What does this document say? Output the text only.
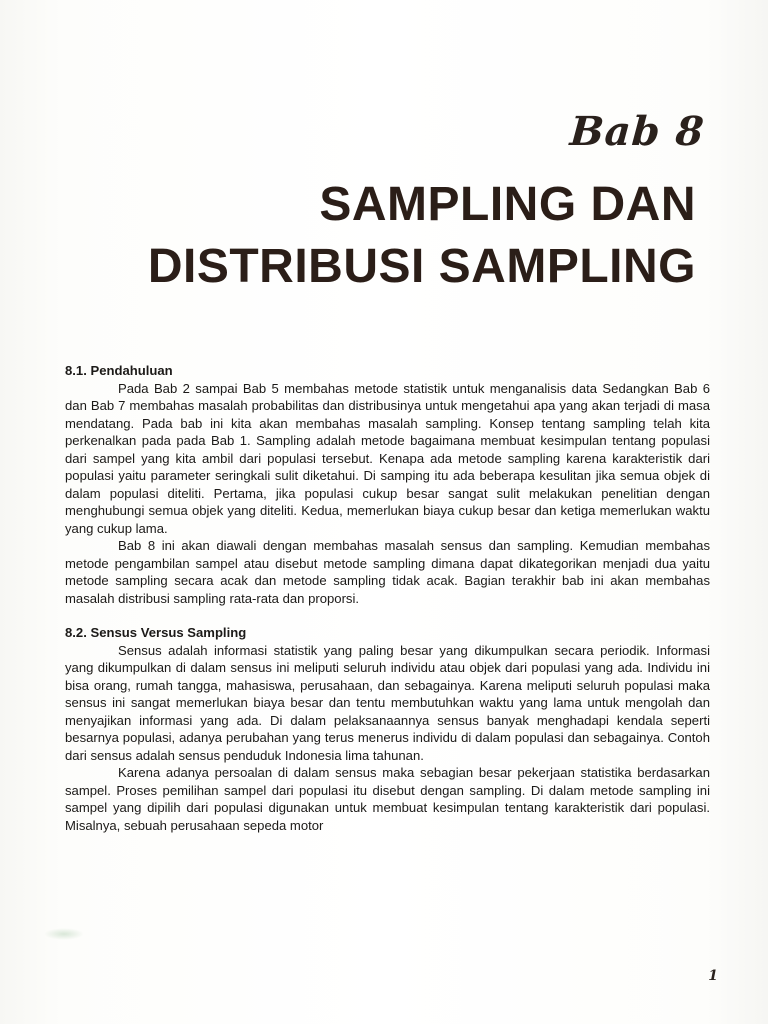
Bab 8
SAMPLING DAN
DISTRIBUSI SAMPLING

8.1. Pendahuluan

Pada Bab 2 sampai Bab 5 membahas metode statistik untuk menganalisis data Sedangkan Bab 6 dan Bab 7 membahas masalah probabilitas dan distribusinya untuk mengetahui apa yang akan terjadi di masa mendatang. Pada bab ini kita akan membahas masalah sampling. Konsep tentang sampling telah kita perkenalkan pada pada Bab 1. Sampling adalah metode bagaimana membuat kesimpulan tentang populasi dari sampel yang kita ambil dari populasi tersebut. Kenapa ada metode sampling karena karakteristik dari populasi yaitu parameter seringkali sulit diketahui. Di samping itu ada beberapa kesulitan jika semua objek di dalam populasi diteliti. Pertama, jika populasi cukup besar sangat sulit melakukan penelitian dengan menghubungi semua objek yang diteliti. Kedua, memerlukan biaya cukup besar dan ketiga memerlukan waktu yang cukup lama.

Bab 8 ini akan diawali dengan membahas masalah sensus dan sampling. Kemudian membahas metode pengambilan sampel atau disebut metode sampling dimana dapat dikategorikan menjadi dua yaitu metode sampling secara acak dan metode sampling tidak acak. Bagian terakhir bab ini akan membahas masalah distribusi sampling rata-rata dan proporsi.

8.2. Sensus Versus Sampling

Sensus adalah informasi statistik yang paling besar yang dikumpulkan secara periodik. Informasi yang dikumpulkan di dalam sensus ini meliputi seluruh individu atau objek dari populasi yang ada. Individu ini bisa orang, rumah tangga, mahasiswa, perusahaan, dan sebagainya. Karena meliputi seluruh populasi maka sensus ini sangat memerlukan biaya besar dan tentu membutuhkan waktu yang lama untuk mengolah dan menyajikan informasi yang ada. Di dalam pelaksanaannya sensus banyak menghadapi kendala seperti besarnya populasi, adanya perubahan yang terus menerus individu di dalam populasi dan sebagainya. Contoh dari sensus adalah sensus penduduk Indonesia lima tahunan.

Karena adanya persoalan di dalam sensus maka sebagian besar pekerjaan statistika berdasarkan sampel. Proses pemilihan sampel dari populasi itu disebut dengan sampling. Di dalam metode sampling ini sampel yang dipilih dari populasi digunakan untuk membuat kesimpulan tentang karakteristik dari populasi. Misalnya, sebuah perusahaan sepeda motor

1
